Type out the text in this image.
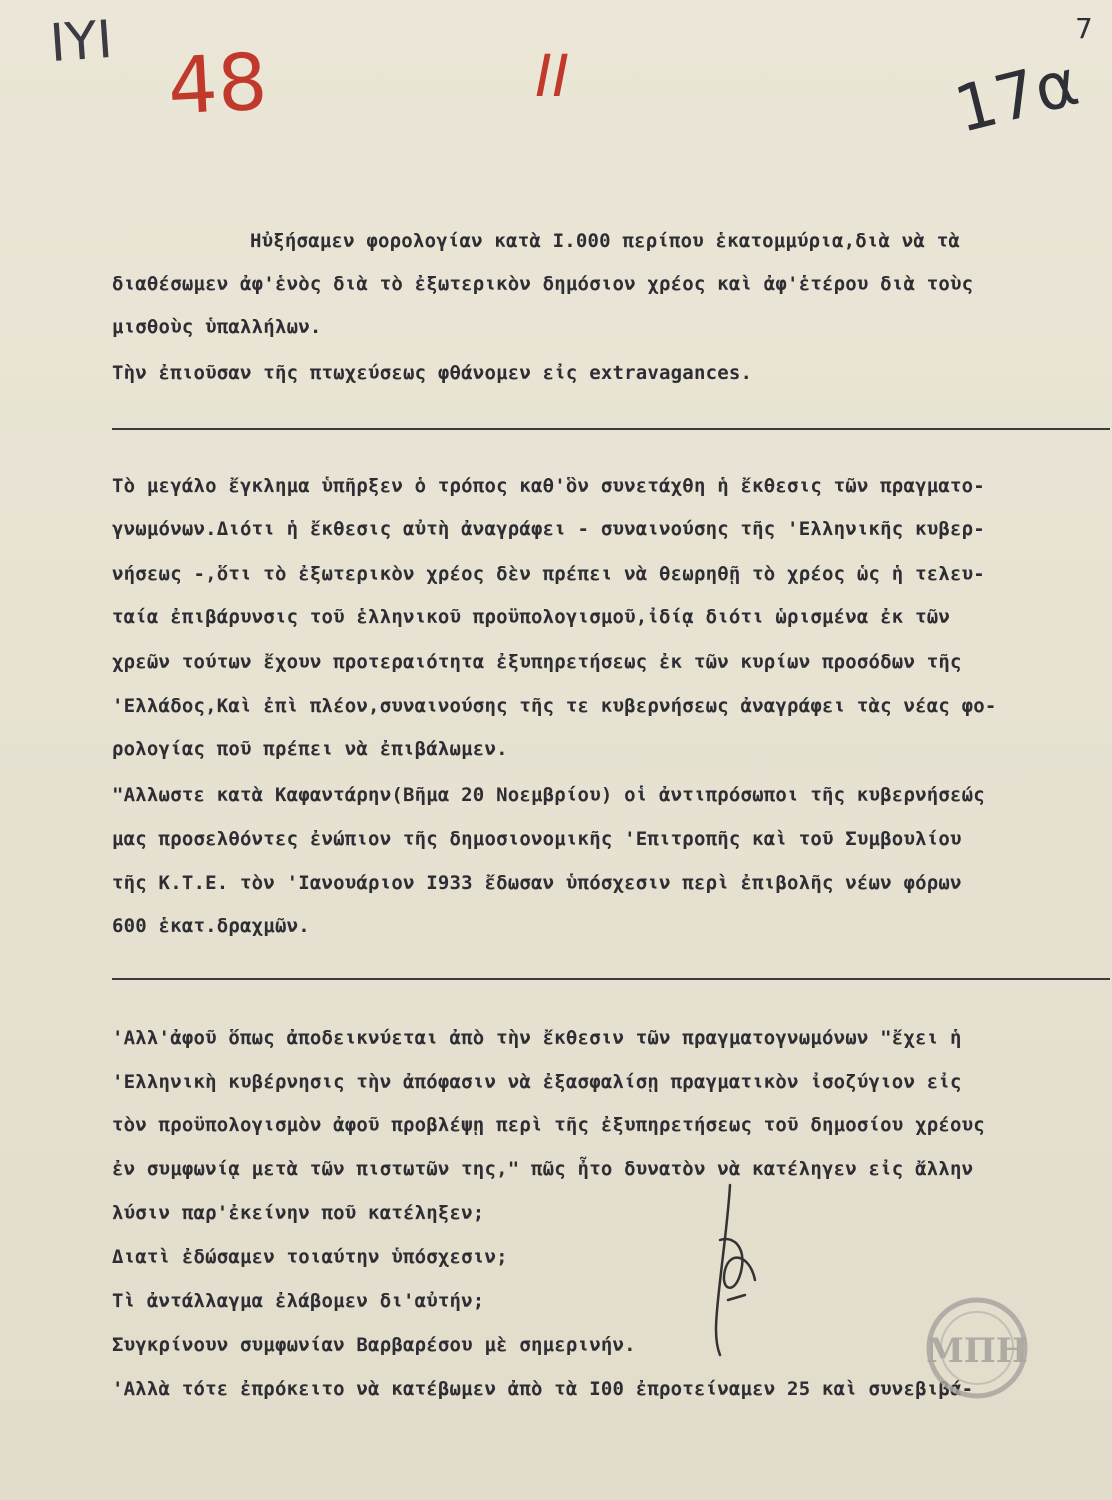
ΙΥΙ 48	II	17α
7
Ηὐξήσαμεν φορολογίαν κατὰ Ι.000 περίπου ἑκατομμύρια,διὰ νὰ τὰ
διαθέσωμεν ἀφ'ἑνὸς διὰ τὸ ἐξωτερικὸν δημόσιον χρέος καὶ ἀφ'ἑτέρου διὰ τοὺς
μισθοὺς ὑπαλλήλων.
Τὴν ἐπιοῦσαν τῆς πτωχεύσεως φθάνομεν εἰς extravagances.
Τὸ μεγάλο ἔγκλημα ὑπῆρξεν ὁ τρόπος καθ'ὃν συνετάχθη ἡ ἔκθεσις τῶν πραγματο-
γνωμόνων.Διότι ἡ ἔκθεσις αὐτὴ ἀναγράφει - συναινούσης τῆς 'Ελληνικῆς κυβερ-
νήσεως -,ὅτι τὸ ἐξωτερικὸν χρέος δὲν πρέπει νὰ θεωρηθῇ τὸ χρέος ὡς ἡ τελευ-
ταία ἐπιβάρυνσις τοῦ ἑλληνικοῦ προϋπολογισμοῦ,ἰδίᾳ διότι ὡρισμένα ἐκ τῶν
χρεῶν τούτων ἔχουν προτεραιότητα ἐξυπηρετήσεως ἐκ τῶν κυρίων προσόδων τῆς
'Ελλάδος,Καὶ ἐπὶ πλέον,συναινούσης τῆς τε κυβερνήσεως ἀναγράφει τὰς νέας φο-
ρολογίας ποῦ πρέπει νὰ ἐπιβάλωμεν.
"Αλλωστε κατὰ Καφαντάρην(Βῆμα 20 Νοεμβρίου) οἱ ἀντιπρόσωποι τῆς κυβερνήσεώς
μας προσελθόντες ἐνώπιον τῆς δημοσιονομικῆς 'Επιτροπῆς καὶ τοῦ Συμβουλίου
τῆς Κ.Τ.Ε. τὸν 'Ιανουάριον Ι933 ἔδωσαν ὑπόσχεσιν περὶ ἐπιβολῆς νέων φόρων
600 ἑκατ.δραχμῶν.
'Αλλ'ἀφοῦ ὅπως ἀποδεικνύεται ἀπὸ τὴν ἔκθεσιν τῶν πραγματογνωμόνων "ἔχει ἡ
'Ελληνικὴ κυβέρνησις τὴν ἀπόφασιν νὰ ἐξασφαλίσῃ πραγματικὸν ἰσοζύγιον εἰς
τὸν προϋπολογισμὸν ἀφοῦ προβλέψῃ περὶ τῆς ἐξυπηρετήσεως τοῦ δημοσίου χρέους
ἐν συμφωνίᾳ μετὰ τῶν πιστωτῶν της," πῶς ἦτο δυνατὸν νὰ κατέληγεν εἰς ἄλλην
λύσιν παρ'ἐκείνην ποῦ κατέληξεν;
Διατὶ ἐδώσαμεν τοιαύτην ὑπόσχεσιν;
Τὶ ἀντάλλαγμα ἐλάβομεν δι'αὐτήν;
Συγκρίνουν συμφωνίαν Βαρβαρέσου μὲ σημερινήν.
'Αλλὰ τότε ἐπρόκειτο νὰ κατέβωμεν ἀπὸ τὰ Ι00 ἐπροτείναμεν 25 καὶ συνεβιβά-
ΜΠΗ
